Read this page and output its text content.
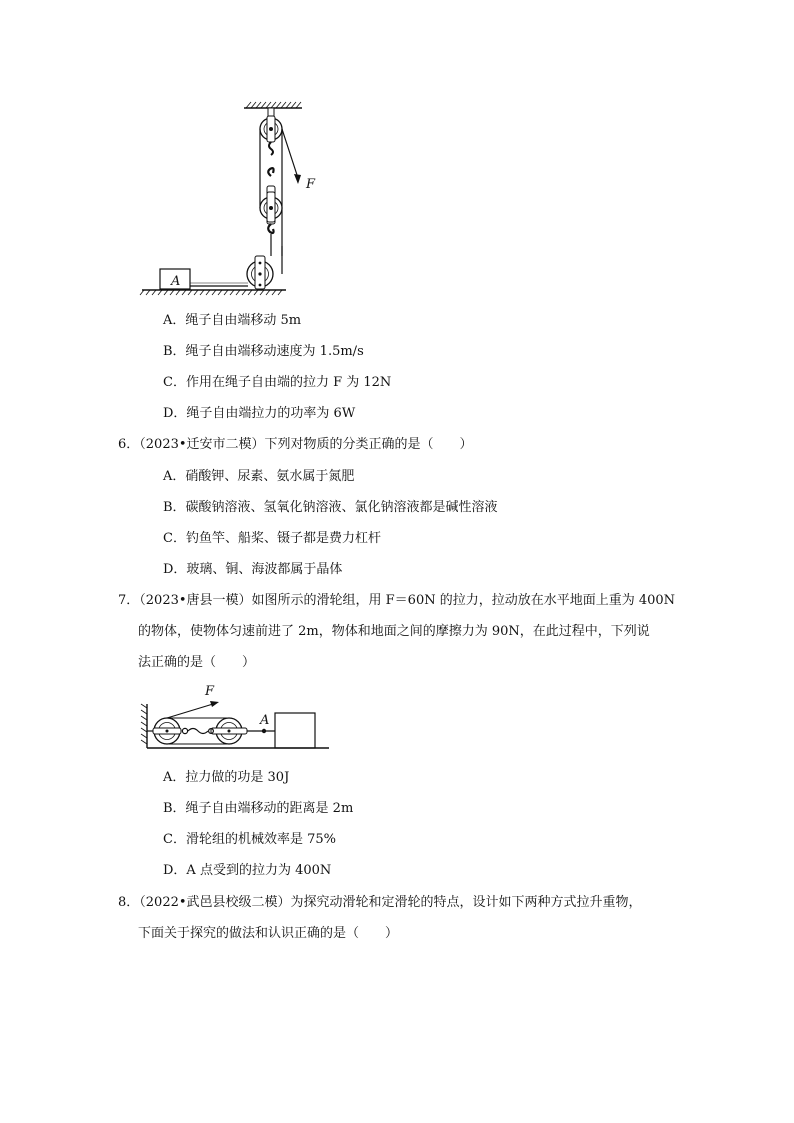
F
A
A．绳子自由端移动 5m
B．绳子自由端移动速度为 1.5m/s
C．作用在绳子自由端的拉力 F 为 12N
D．绳子自由端拉力的功率为 6W
6．（2023•迁安市二模）下列对物质的分类正确的是（　　）
A．硝酸钾、尿素、氨水属于氮肥
B．碳酸钠溶液、氢氧化钠溶液、氯化钠溶液都是碱性溶液
C．钓鱼竿、船桨、镊子都是费力杠杆
D．玻璃、铜、海波都属于晶体
7．（2023•唐县一模）如图所示的滑轮组，用 F＝60N 的拉力，拉动放在水平地面上重为 400N
的物体，使物体匀速前进了 2m，物体和地面之间的摩擦力为 90N，在此过程中，下列说
法正确的是（　　）
F
A
A．拉力做的功是 30J
B．绳子自由端移动的距离是 2m
C．滑轮组的机械效率是 75%
D．A 点受到的拉力为 400N
8．（2022•武邑县校级二模）为探究动滑轮和定滑轮的特点，设计如下两种方式拉升重物，
下面关于探究的做法和认识正确的是（　　）
